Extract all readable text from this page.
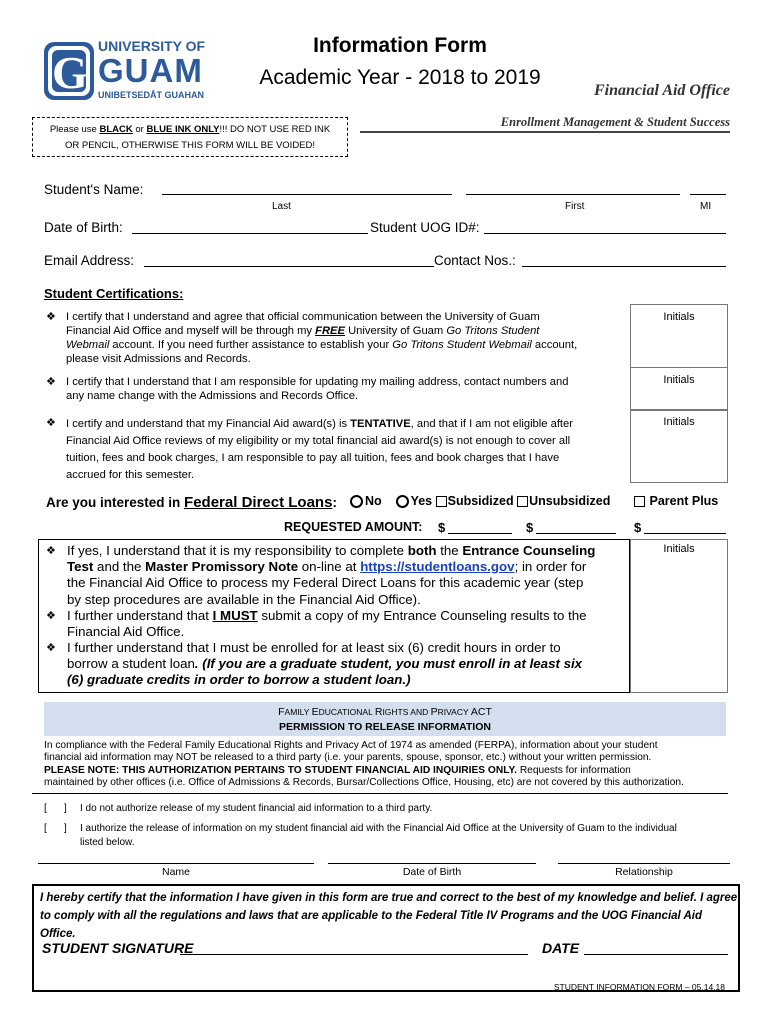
G
UNIVERSITY OF
GUAM
UNIBETSEDÅT GUAHAN
Information Form
Academic Year - 2018 to 2019
Financial Aid Office
Enrollment Management & Student Success
Please use BLACK or BLUE INK ONLY!!! DO NOT USE RED INK
OR PENCIL, OTHERWISE THIS FORM WILL BE VOIDED!
Student's Name:
Last	First	MI
Date of Birth:	Student UOG ID#:
Email Address:	Contact Nos.:
Student Certifications:
❖ I certify that I understand and agree that official communication between the University of Guam
Financial Aid Office and myself will be through my FREE University of Guam Go Tritons Student
Webmail account. If you need further assistance to establish your Go Tritons Student Webmail account,
please visit Admissions and Records.
Initials
❖ I certify that I understand that I am responsible for updating my mailing address, contact numbers and
any name change with the Admissions and Records Office.
Initials
❖ I certify and understand that my Financial Aid award(s) is TENTATIVE, and that if I am not eligible after
Financial Aid Office reviews of my eligibility or my total financial aid award(s) is not enough to cover all
tuition, fees and book charges, I am responsible to pay all tuition, fees and book charges that I have
accrued for this semester.
Initials
Are you interested in Federal Direct Loans:	No Yes Subsidized Unsubsidized	Parent Plus
REQUESTED AMOUNT: $	$	$
Initials
❖ If yes, I understand that it is my responsibility to complete both the Entrance Counseling
Test and the Master Promissory Note on-line at https://studentloans.gov; in order for
the Financial Aid Office to process my Federal Direct Loans for this academic year (step
by step procedures are available in the Financial Aid Office).
❖ I further understand that I MUST submit a copy of my Entrance Counseling results to the
Financial Aid Office.
❖ I further understand that I must be enrolled for at least six (6) credit hours in order to
borrow a student loan. (If you are a graduate student, you must enroll in at least six
(6) graduate credits in order to borrow a student loan.)
FAMILY EDUCATIONAL RIGHTS AND PRIVACY ACT
PERMISSION TO RELEASE INFORMATION
In compliance with the Federal Family Educational Rights and Privacy Act of 1974 as amended (FERPA), information about your student
financial aid information may NOT be released to a third party (i.e. your parents, spouse, sponsor, etc.) without your written permission.
PLEASE NOTE: THIS AUTHORIZATION PERTAINS TO STUDENT FINANCIAL AID INQUIRIES ONLY. Requests for information
maintained by other offices (i.e. Office of Admissions & Records, Bursar/Collections Office, Housing, etc) are not covered by this authorization.
[ ] I do not authorize release of my student financial aid information to a third party.
[ ] I authorize the release of information on my student financial aid with the Financial Aid Office at the University of Guam to the individual
listed below.
Name	Date of Birth	Relationship
I hereby certify that the information I have given in this form are true and correct to the best of my knowledge and belief. I agree
to comply with all the regulations and laws that are applicable to the Federal Title IV Programs and the UOG Financial Aid Office.
STUDENT SIGNATURE	DATE
STUDENT INFORMATION FORM – 05.14.18
